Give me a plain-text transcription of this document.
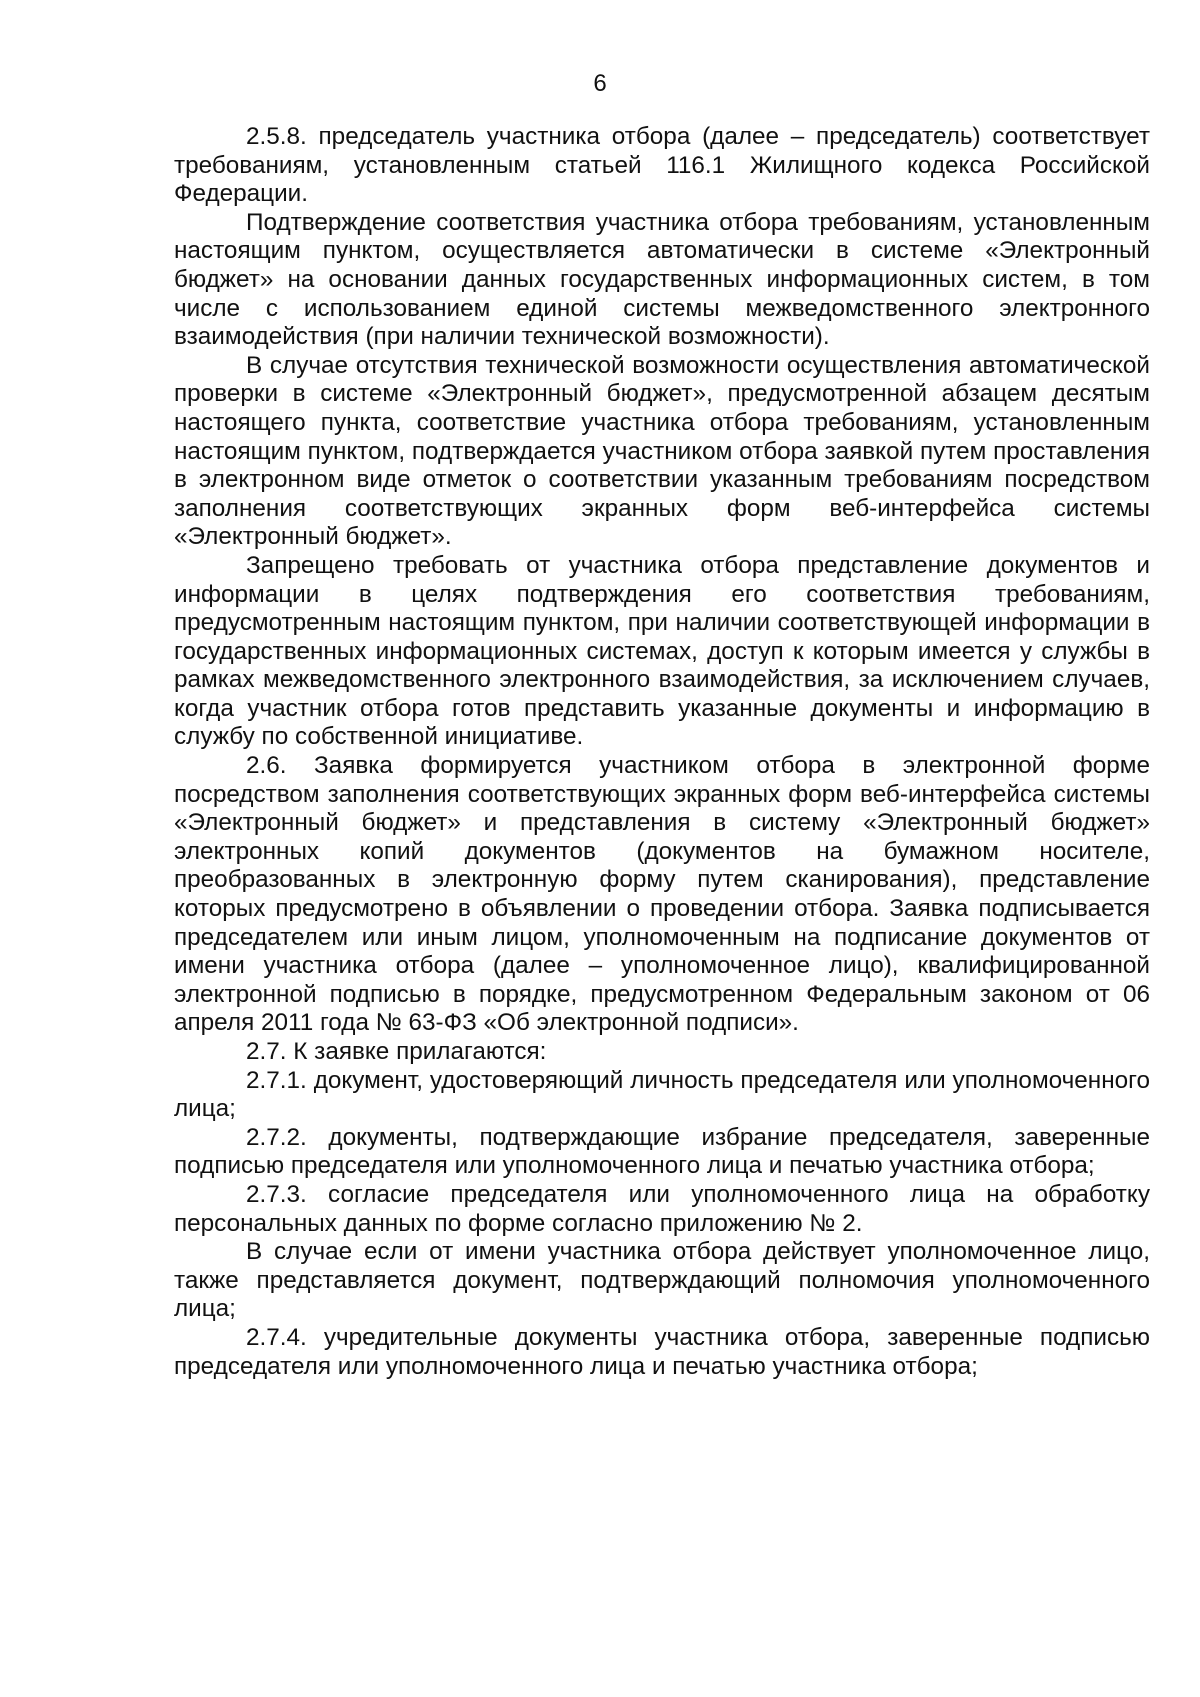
6

2.5.8. председатель участника отбора (далее – председатель) соответствует требованиям, установленным статьей 116.1 Жилищного кодекса Российской Федерации.

Подтверждение соответствия участника отбора требованиям, установленным настоящим пунктом, осуществляется автоматически в системе «Электронный бюджет» на основании данных государственных информационных систем, в том числе с использованием единой системы межведомственного электронного взаимодействия (при наличии технической возможности).

В случае отсутствия технической возможности осуществления автоматической проверки в системе «Электронный бюджет», предусмотренной абзацем десятым настоящего пункта, соответствие участника отбора требованиям, установленным настоящим пунктом, подтверждается участником отбора заявкой путем проставления в электронном виде отметок о соответствии указанным требованиям посредством заполнения соответствующих экранных форм веб-интерфейса системы «Электронный бюджет».

Запрещено требовать от участника отбора представление документов и информации в целях подтверждения его соответствия требованиям, предусмотренным настоящим пунктом, при наличии соответствующей информации в государственных информационных системах, доступ к которым имеется у службы в рамках межведомственного электронного взаимодействия, за исключением случаев, когда участник отбора готов представить указанные документы и информацию в службу по собственной инициативе.

2.6. Заявка формируется участником отбора в электронной форме посредством заполнения соответствующих экранных форм веб-интерфейса системы «Электронный бюджет» и представления в систему «Электронный бюджет» электронных копий документов (документов на бумажном носителе, преобразованных в электронную форму путем сканирования), представление которых предусмотрено в объявлении о проведении отбора. Заявка подписывается председателем или иным лицом, уполномоченным на подписание документов от имени участника отбора (далее – уполномоченное лицо), квалифицированной электронной подписью в порядке, предусмотренном Федеральным законом от 06 апреля 2011 года № 63-ФЗ «Об электронной подписи».

2.7. К заявке прилагаются:

2.7.1. документ, удостоверяющий личность председателя или уполномоченного лица;

2.7.2. документы, подтверждающие избрание председателя, заверенные подписью председателя или уполномоченного лица и печатью участника отбора;

2.7.3. согласие председателя или уполномоченного лица на обработку персональных данных по форме согласно приложению № 2.

В случае если от имени участника отбора действует уполномоченное лицо, также представляется документ, подтверждающий полномочия уполномоченного лица;

2.7.4. учредительные документы участника отбора, заверенные подписью председателя или уполномоченного лица и печатью участника отбора;
